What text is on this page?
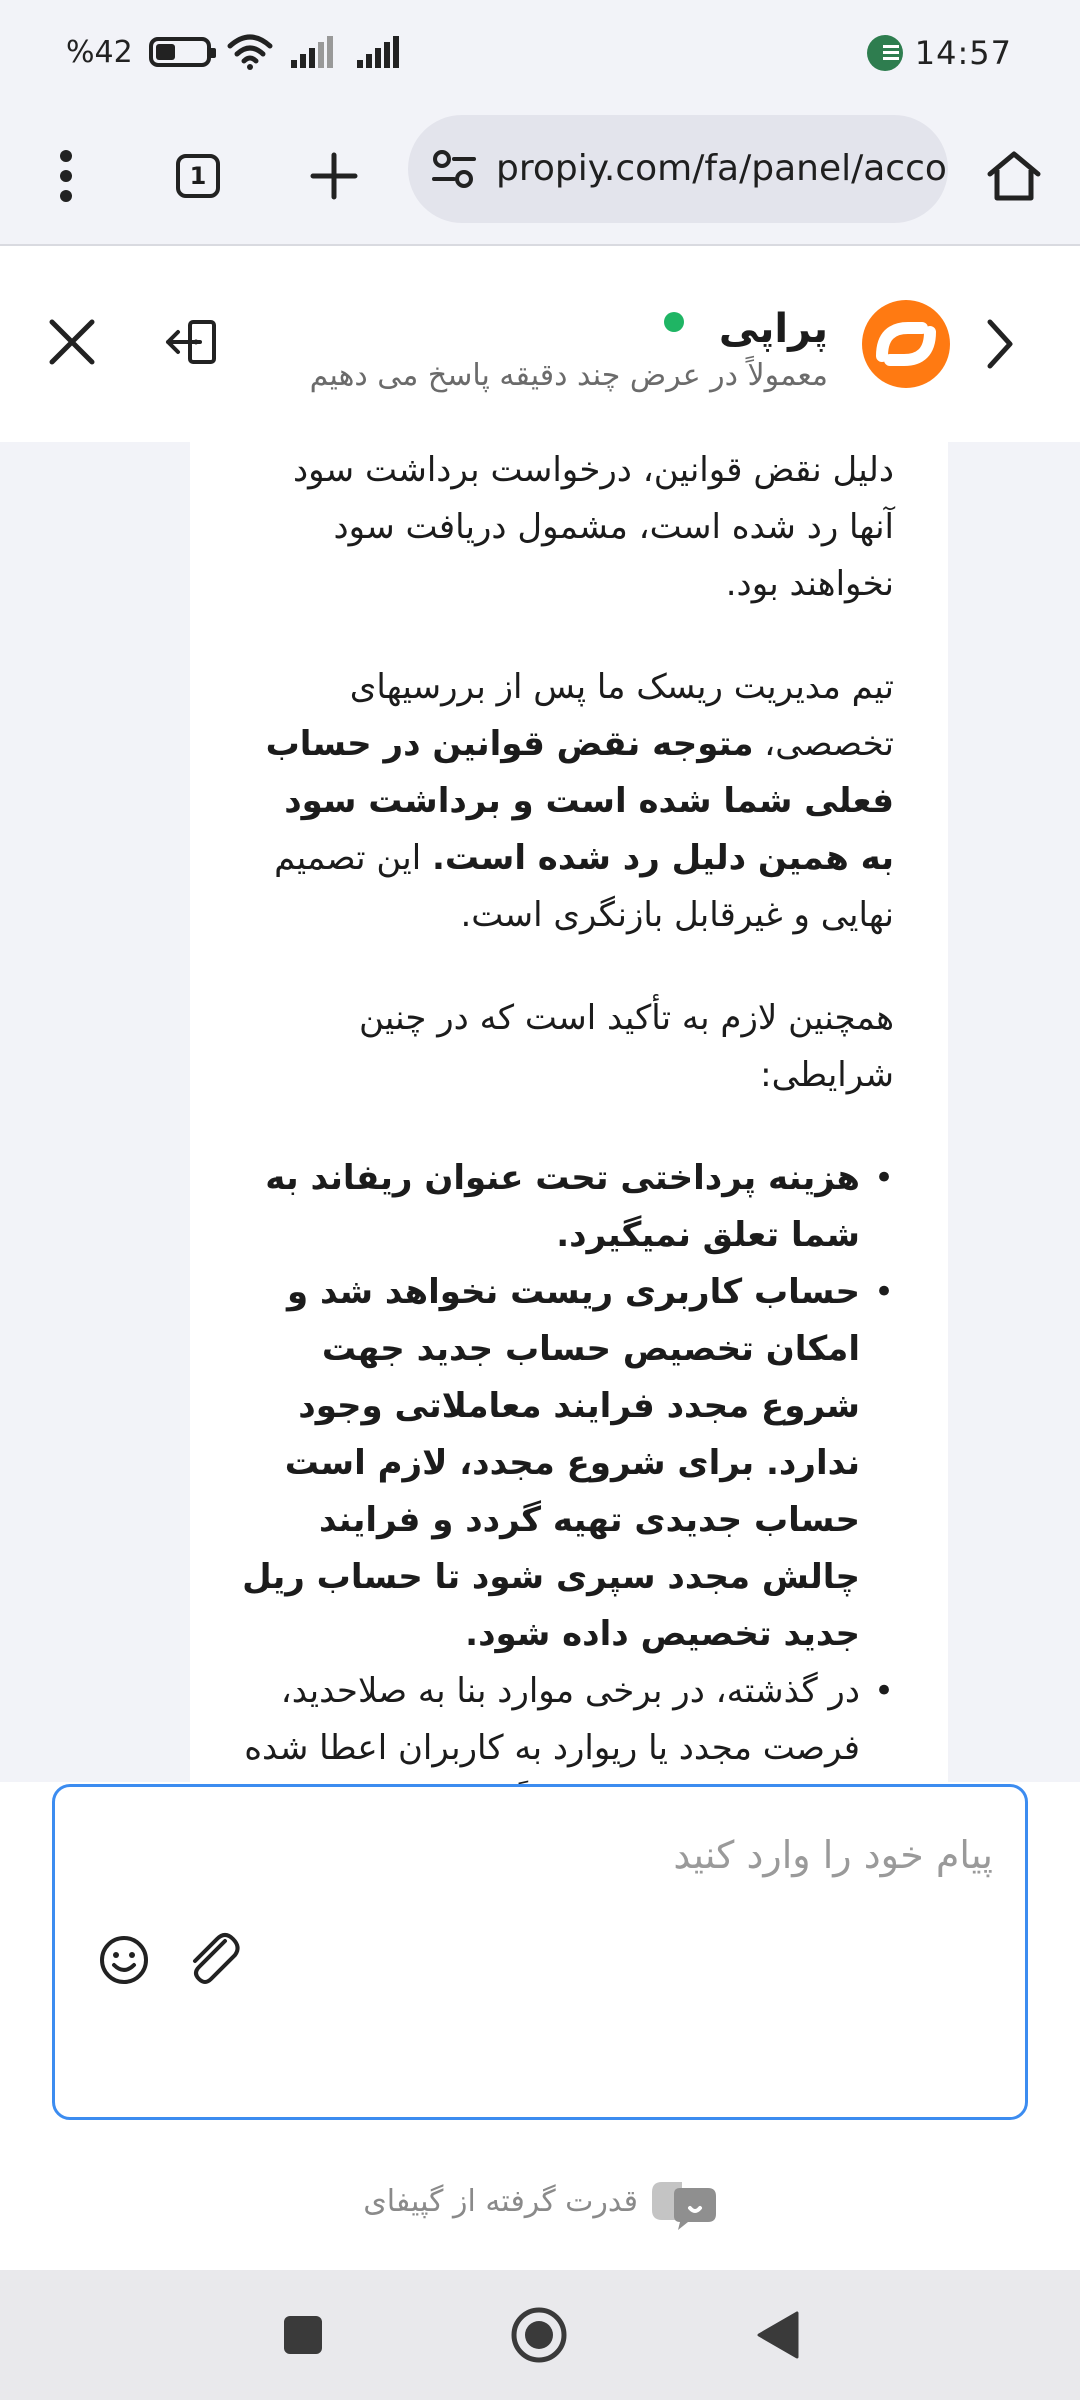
%42	14:57
1	propiy.com/fa/panel/acco
پراپی
معمولاً در عرض چند دقیقه پاسخ می دهیم

دلیل نقض قوانین، درخواست برداشت سود آنها رد شده است، مشمول دریافت سود نخواهند بود.

تیم مدیریت ریسک ما پس از بررسیهای تخصصی، متوجه نقض قوانین در حساب فعلی شما شده است و برداشت سود به همین دلیل رد شده است. این تصمیم نهایی و غیرقابل بازنگری است.

همچنین لازم به تأکید است که در چنین شرایطی:

• هزینه پرداختی تحت عنوان ریفاند به شما تعلق نمیگیرد.
• حساب کاربری ریست نخواهد شد و امکان تخصیص حساب جدید جهت شروع مجدد فرایند معاملاتی وجود ندارد. برای شروع مجدد، لازم است حساب جدیدی تهیه گردد و فرایند چالش مجدد سپری شود تا حساب ریل جدید تخصیص داده شود.
• در گذشته، در برخی موارد بنا به صلاحدید، فرصت مجدد یا ریوارد به کاربران اعطا شده
پیام خود را وارد کنید
قدرت گرفته از گپیفای
